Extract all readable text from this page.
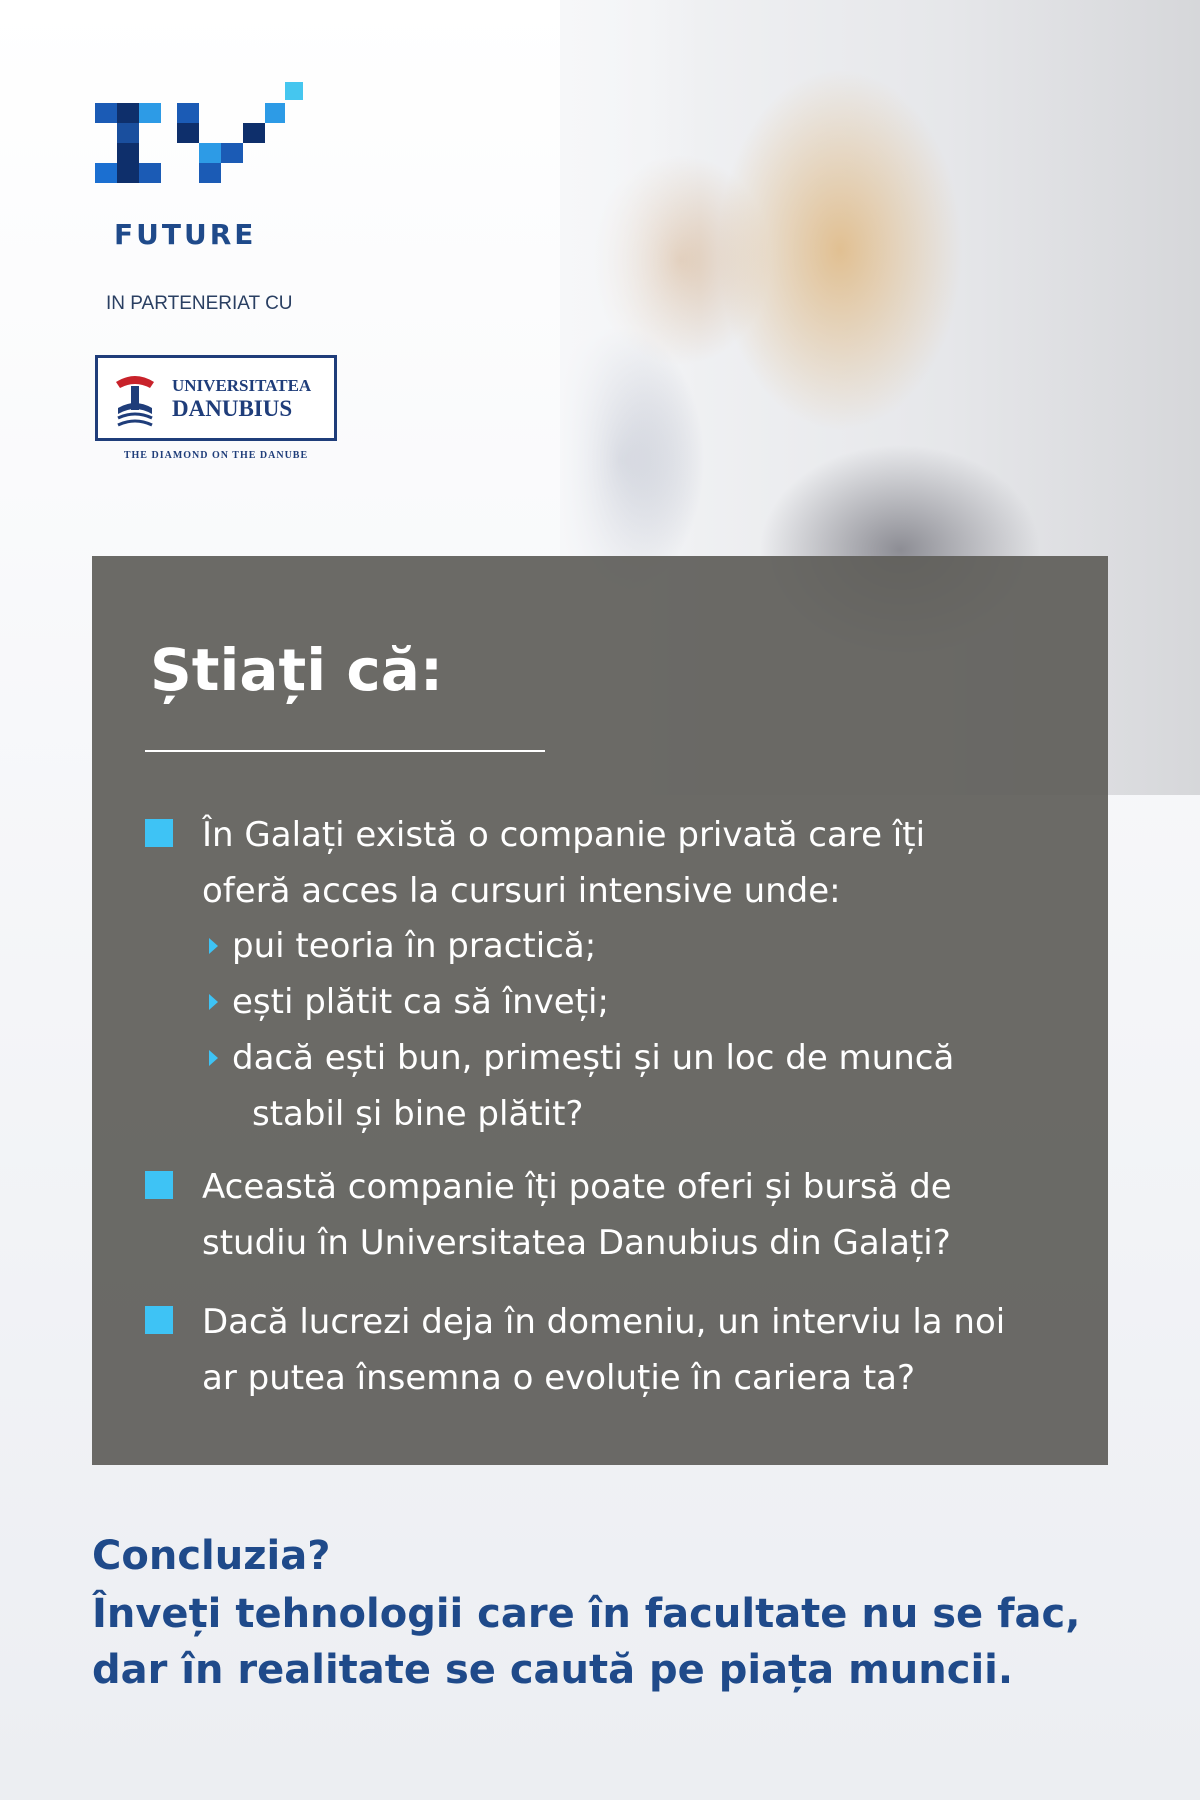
FUTURE
IN PARTENERIAT CU
UNIVERSITATEA
DANUBIUS
THE DIAMOND ON THE DANUBE
Știați că:
În Galați există o companie privată care îți
oferă acces la cursuri intensive unde:
pui teoria în practică;
ești plătit ca să înveți;
dacă ești bun, primești și un loc de muncă
stabil și bine plătit?
Această companie îți poate oferi și bursă de
studiu în Universitatea Danubius din Galați?
Dacă lucrezi deja în domeniu, un interviu la noi
ar putea însemna o evoluție în cariera ta?
Concluzia?
Înveți tehnologii care în facultate nu se fac,
dar în realitate se caută pe piața muncii.
